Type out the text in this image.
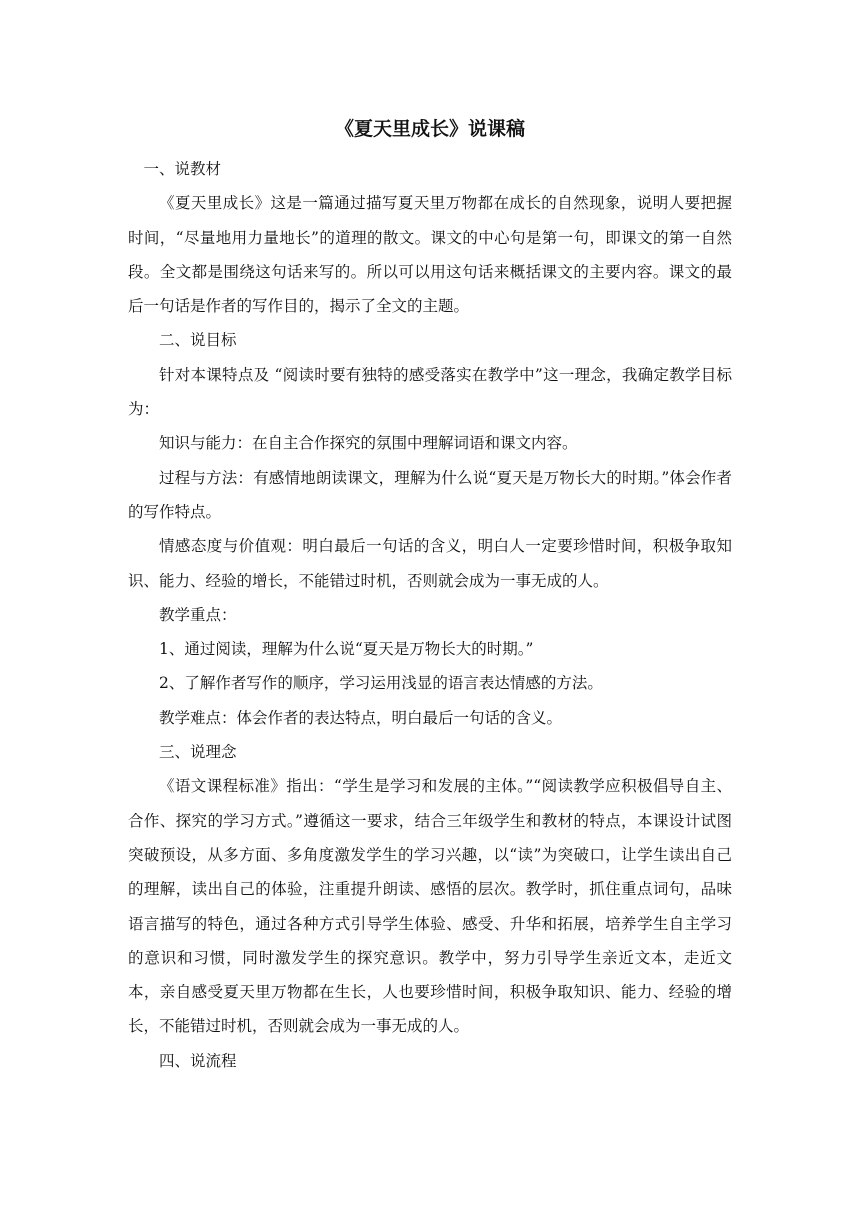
《夏天里成长》说课稿

一、说教材

《夏天里成长》这是一篇通过描写夏天里万物都在成长的自然现象，说明人要把握时间，“尽量地用力量地长”的道理的散文。课文的中心句是第一句，即课文的第一自然段。全文都是围绕这句话来写的。所以可以用这句话来概括课文的主要内容。课文的最后一句话是作者的写作目的，揭示了全文的主题。

二、说目标

针对本课特点及 “阅读时要有独特的感受落实在教学中”这一理念，我确定教学目标为：

知识与能力：在自主合作探究的氛围中理解词语和课文内容。

过程与方法：有感情地朗读课文，理解为什么说“夏天是万物长大的时期。”体会作者的写作特点。

情感态度与价值观：明白最后一句话的含义，明白人一定要珍惜时间，积极争取知识、能力、经验的增长，不能错过时机，否则就会成为一事无成的人。

教学重点：

1、通过阅读，理解为什么说“夏天是万物长大的时期。”

2、了解作者写作的顺序，学习运用浅显的语言表达情感的方法。

教学难点：体会作者的表达特点，明白最后一句话的含义。

三、说理念

《语文课程标准》指出：“学生是学习和发展的主体。”“阅读教学应积极倡导自主、合作、探究的学习方式。”遵循这一要求，结合三年级学生和教材的特点，本课设计试图突破预设，从多方面、多角度激发学生的学习兴趣，以“读”为突破口，让学生读出自己的理解，读出自己的体验，注重提升朗读、感悟的层次。教学时，抓住重点词句，品味语言描写的特色，通过各种方式引导学生体验、感受、升华和拓展，培养学生自主学习的意识和习惯，同时激发学生的探究意识。教学中，努力引导学生亲近文本，走近文本，亲自感受夏天里万物都在生长，人也要珍惜时间，积极争取知识、能力、经验的增长，不能错过时机，否则就会成为一事无成的人。

四、说流程
